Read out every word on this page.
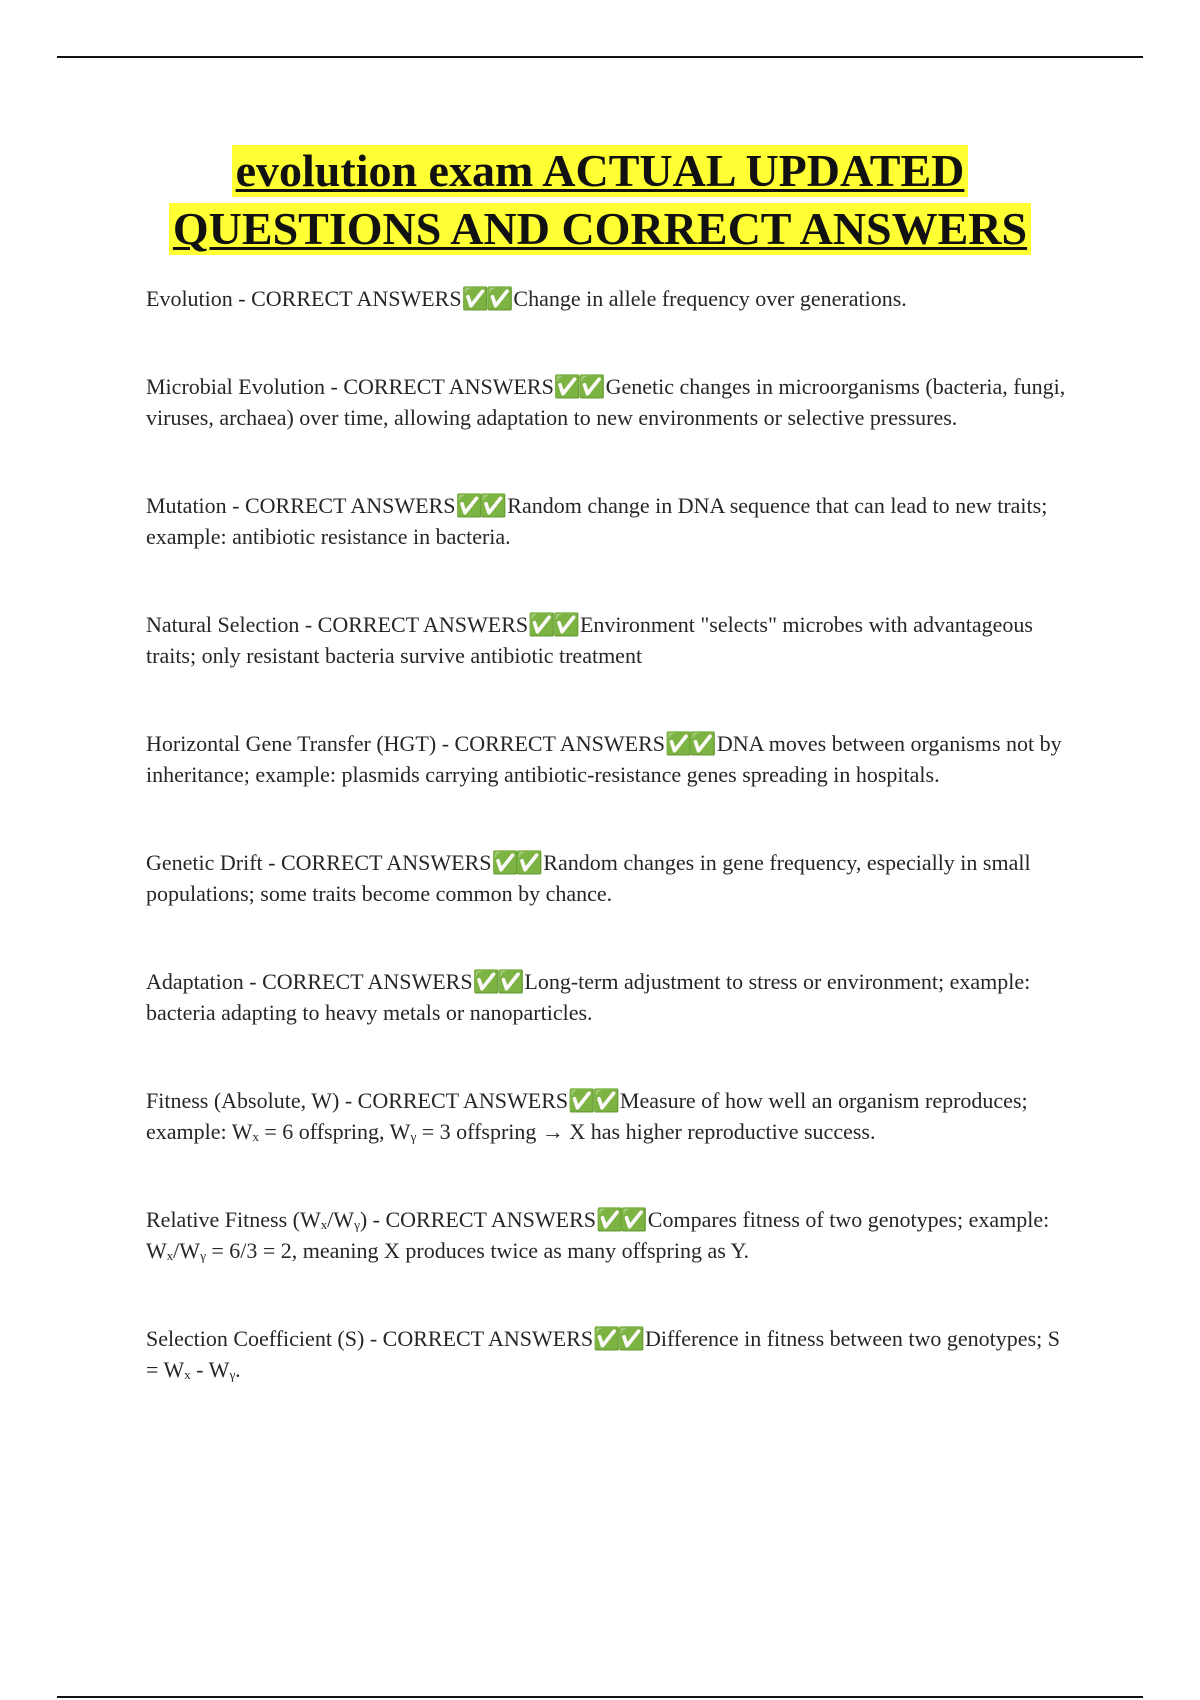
evolution exam ACTUAL UPDATED
QUESTIONS AND CORRECT ANSWERS

Evolution - CORRECT ANSWERS✅✅ Change in allele frequency over generations.

Microbial Evolution - CORRECT ANSWERS✅✅ Genetic changes in microorganisms (bacteria, fungi, viruses, archaea) over time, allowing adaptation to new environments or selective pressures.

Mutation - CORRECT ANSWERS✅✅ Random change in DNA sequence that can lead to new traits; example: antibiotic resistance in bacteria.

Natural Selection - CORRECT ANSWERS✅✅ Environment "selects" microbes with advantageous traits; only resistant bacteria survive antibiotic treatment

Horizontal Gene Transfer (HGT) - CORRECT ANSWERS✅✅ DNA moves between organisms not by inheritance; example: plasmids carrying antibiotic-resistance genes spreading in hospitals.

Genetic Drift - CORRECT ANSWERS✅✅ Random changes in gene frequency, especially in small populations; some traits become common by chance.

Adaptation - CORRECT ANSWERS✅✅ Long-term adjustment to stress or environment; example: bacteria adapting to heavy metals or nanoparticles.

Fitness (Absolute, W) - CORRECT ANSWERS✅✅ Measure of how well an organism reproduces; example: Wₓ = 6 offspring, Wᵧ = 3 offspring → X has higher reproductive success.

Relative Fitness (Wₓ/Wᵧ) - CORRECT ANSWERS✅✅ Compares fitness of two genotypes; example: Wₓ/Wᵧ = 6/3 = 2, meaning X produces twice as many offspring as Y.

Selection Coefficient (S) - CORRECT ANSWERS✅✅ Difference in fitness between two genotypes; S = Wₓ - Wᵧ.
